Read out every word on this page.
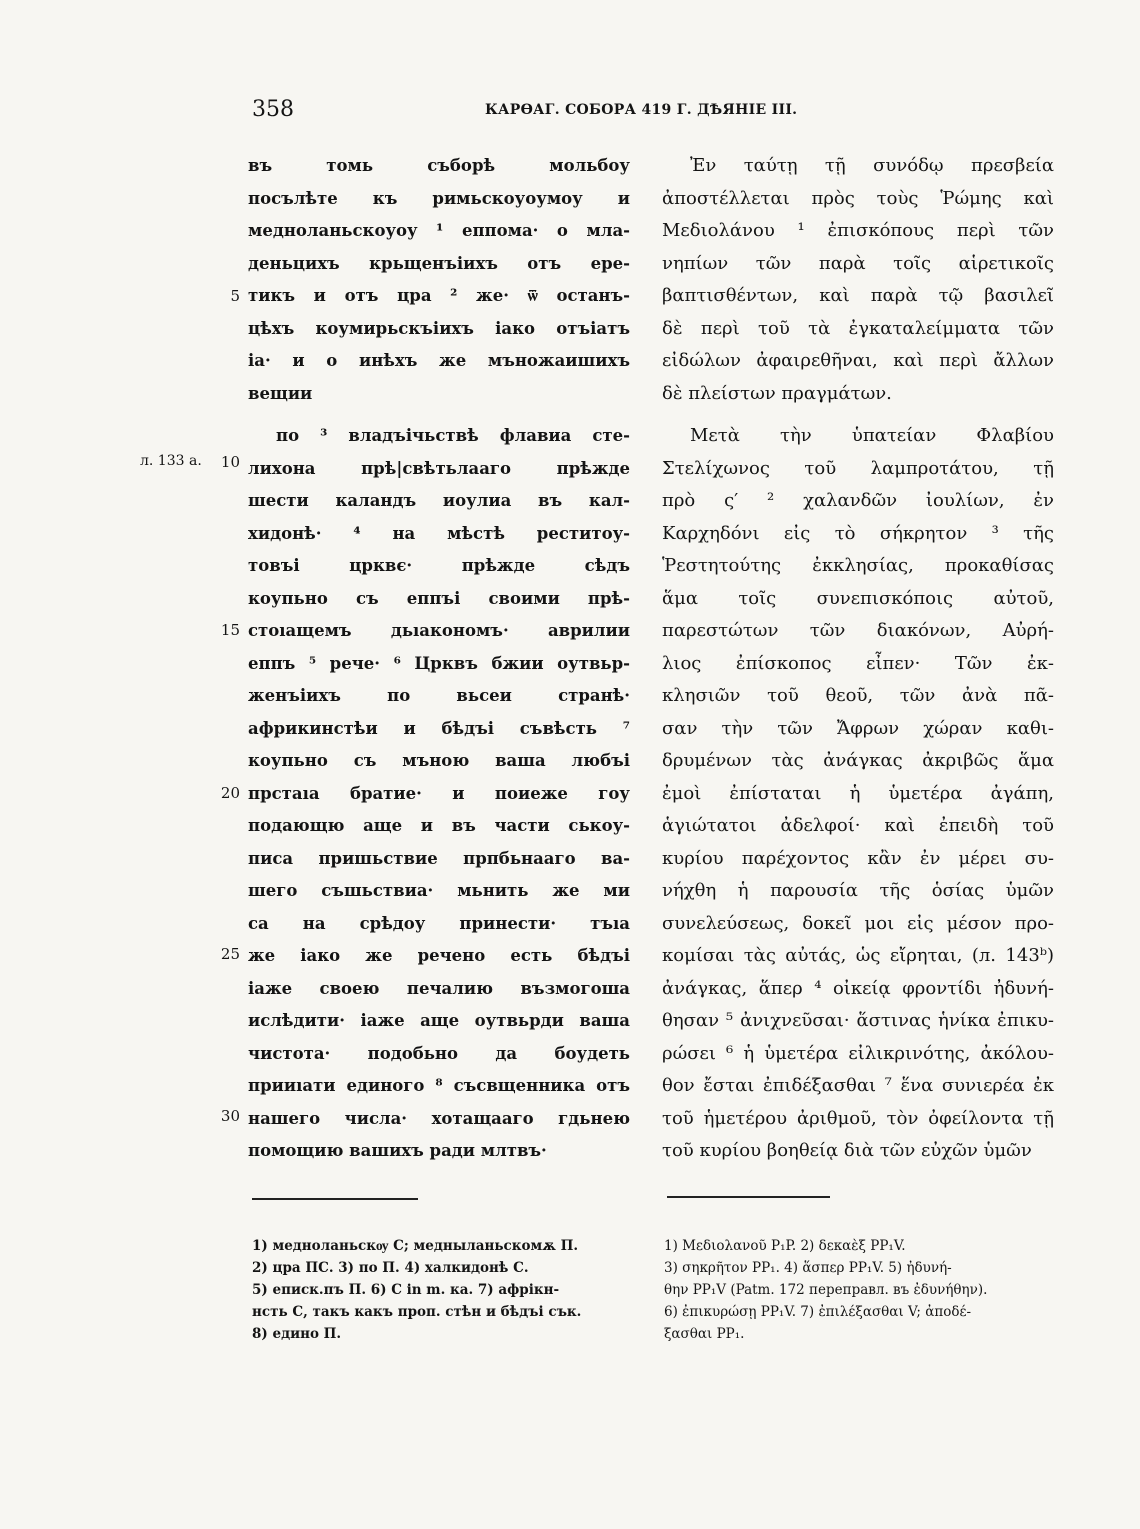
358	КАРѲАГ. СОБОРА 419 Г. ДѢЯНІЕ ІІІ.
л. 133 а.
5
10
15
20
25
30
въ томь съборѣ мольбоу
посълѣте къ римьскоуоумоу и
медноланьскоуоу ¹ еппома· о мла-
деньцихъ крьщенъіихъ отъ ере-
тикъ и отъ цра ² же· ѿ останъ-
цѣхъ коумирьскъіихъ іако отъіатъ
іа· и о инѣхъ же мъножаишихъ
вещии
по ³ владъічьствѣ флавиа сте-
лихона прѣ|свѣтьлааго прѣжде
шести каландъ иоулиа въ кал-
хидонѣ· ⁴ на мѣстѣ реститоу-
товъі црквє· прѣжде сѣдъ
коупьно съ еппъі своими прѣ-
стоıащемъ дьıакономъ· аврилии
еппъ ⁵ рече· ⁶ Црквъ бжии оутвьр-
женъіихъ по вьсеи странѣ·
африкинстѣи и бѣдъі съвѣсть ⁷
коупьно съ мъною ваша любъі
прстаıа братие· и поиеже гоу
подающю аще и въ части ськоу-
писа пришьствие прпбьнааго ва-
шего съшьствиа· мьнить же ми
са на срѣдоу принести· тъıа
же іако же речено есть бѣдъі
іаже своею печалию възмогоша
ислѣдити· іаже аще оутвьрди ваша
чистота· подобьно да боудеть
прииıати единого ⁸ съсвщенника отъ
нашего числа· хотащааго гдьнею
помощию вашихъ ради млтвъ·
Ἐν ταύτῃ τῇ συνόδῳ πρεσβεία
ἀποστέλλεται πρὸς τοὺς Ῥώμης καὶ
Μεδιολάνου ¹ ἐπισκόπους περὶ τῶν
νηπίων τῶν παρὰ τοῖς αἱρετικοῖς
βαπτισθέντων, καὶ παρὰ τῷ βασιλεῖ
δὲ περὶ τοῦ τὰ ἐγκαταλείμματα τῶν
εἰδώλων ἀφαιρεθῆναι, καὶ περὶ ἄλλων
δὲ πλείστων πραγμάτων.
Μετὰ τὴν ὑπατείαν Φλαβίου
Στελίχωνος τοῦ λαμπροτάτου, τῇ
πρὸ ς′ ² χαλανδῶν ἰουλίων, ἐν
Καρχηδόνι εἰς τὸ σήκρητον ³ τῆς
Ῥεστητούτης ἐκκλησίας, προκαθίσας
ἅμα τοῖς συνεπισκόποις αὐτοῦ,
παρεστώτων τῶν διακόνων, Αὐρή-
λιος ἐπίσκοπος εἶπεν· Τῶν ἐκ-
κλησιῶν τοῦ θεοῦ, τῶν ἀνὰ πᾶ-
σαν τὴν τῶν Ἄφρων χώραν καθι-
δρυμένων τὰς ἀνάγκας ἀκριβῶς ἅμα
ἐμοὶ ἐπίσταται ἡ ὑμετέρα ἀγάπη,
ἁγιώτατοι ἀδελφοί· καὶ ἐπειδὴ τοῦ
κυρίου παρέχοντος κἂν ἐν μέρει συ-
νήχθη ἡ παρουσία τῆς ὁσίας ὑμῶν
συνελεύσεως, δοκεῖ μοι εἰς μέσον προ-
κομίσαι τὰς αὐτάς, ὡς εἴρηται, (л. 143ᵇ)
ἀνάγκας, ἅπερ ⁴ οἰκείᾳ φροντίδι ἠδυνή-
θησαν ⁵ ἀνιχνεῦσαι· ἅστινας ἡνίκα ἐπικυ-
ρώσει ⁶ ἡ ὑμετέρα εἰλικρινότης, ἀκόλου-
θον ἔσται ἐπιδέξασθαι ⁷ ἕνα συνιερέα ἐκ
τοῦ ἡμετέρου ἀριθμοῦ, τὸν ὀφείλοντα τῇ
τοῦ κυρίου βοηθείᾳ διὰ τῶν εὐχῶν ὑμῶν
1) медноланьскѹ С; медныланьскомѫ П.
2) цра ПС. 3) по П. 4) халкидонѣ С.
5) еписк.пъ П. 6) С in m. ка. 7) афрікн-
нсть С, такъ какъ проп. стѣн и бѣдъі сък.
8) едино П.
1) Μεδιολανοῦ P₁P. 2) δεκαὲξ PP₁V.
3) σηκρῆτον PP₁. 4) ἅσπερ PP₁V. 5) ἠδυνή-
θην PP₁V (Patm. 172 переправл. въ ἐδυνήθην).
6) ἐπικυρώσῃ PP₁V. 7) ἐπιλέξασθαι V; ἀποδέ-
ξασθαι PP₁.
